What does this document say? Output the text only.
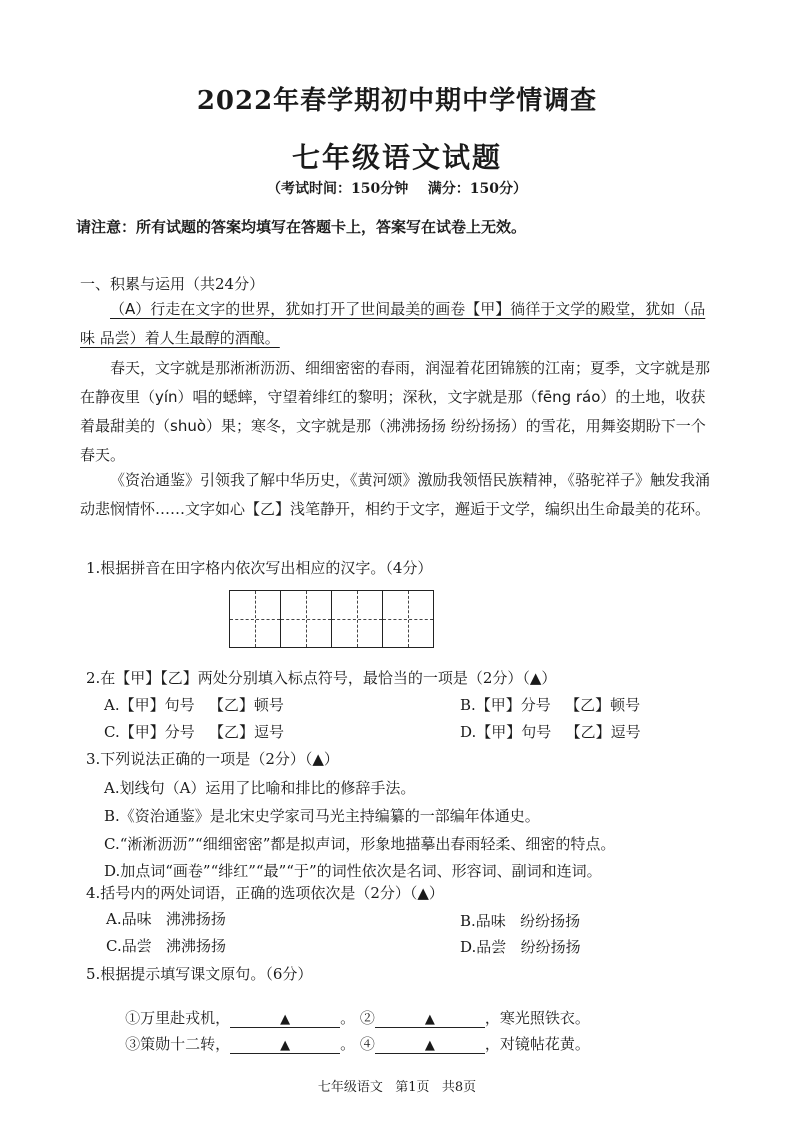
2022年春学期初中期中学情调查
七年级语文试题
（考试时间：150分钟    满分：150分）
请注意：所有试题的答案均填写在答题卡上，答案写在试卷上无效。
一、积累与运用（共24分）
（A）行走在文字的世界，犹如打开了世间最美的画卷【甲】徜徉于文学的殿堂，犹如（品味 品尝）着人生最醇的酒酿。
春天，文字就是那淅淅沥沥、细细密密的春雨，润湿着花团锦簇的江南；夏季，文字就是那在静夜里（yín）唱的蟋蟀，守望着绯红的黎明；深秋，文字就是那（fēng ráo）的土地，收获着最甜美的（shuò）果；寒冬，文字就是那（沸沸扬扬 纷纷扬扬）的雪花，用舞姿期盼下一个春天。
《资治通鉴》引领我了解中华历史，《黄河颂》激励我领悟民族精神，《骆驼祥子》触发我涌动悲悯情怀……文字如心【乙】浅笔静开，相约于文字，邂逅于文学，编织出生命最美的花环。
1.根据拼音在田字格内依次写出相应的汉字。（4分）
2.在【甲】【乙】两处分别填入标点符号，最恰当的一项是（2分）（▲）
A.【甲】句号   【乙】顿号	B.【甲】分号   【乙】顿号
C.【甲】分号   【乙】逗号	D.【甲】句号   【乙】逗号
3.下列说法正确的一项是（2分）（▲）
A.划线句（A）运用了比喻和排比的修辞手法。
B.《资治通鉴》是北宋史学家司马光主持编纂的一部编年体通史。
C.“淅淅沥沥”“细细密密”都是拟声词，形象地描摹出春雨轻柔、细密的特点。
D.加点词“画卷”“绯红”“最”“于”的词性依次是名词、形容词、副词和连词。
4.括号内的两处词语，正确的选项依次是（2分）（▲）
A.品味   沸沸扬扬	B.品味   纷纷扬扬
C.品尝   沸沸扬扬	D.品尝   纷纷扬扬
5.根据提示填写课文原句。（6分）

①万里赴戎机，	▲	。 ②	▲	，寒光照铁衣。

③策勋十二转，	▲	。 ④	▲	，对镜帖花黄。

七年级语文   第1页   共8页
